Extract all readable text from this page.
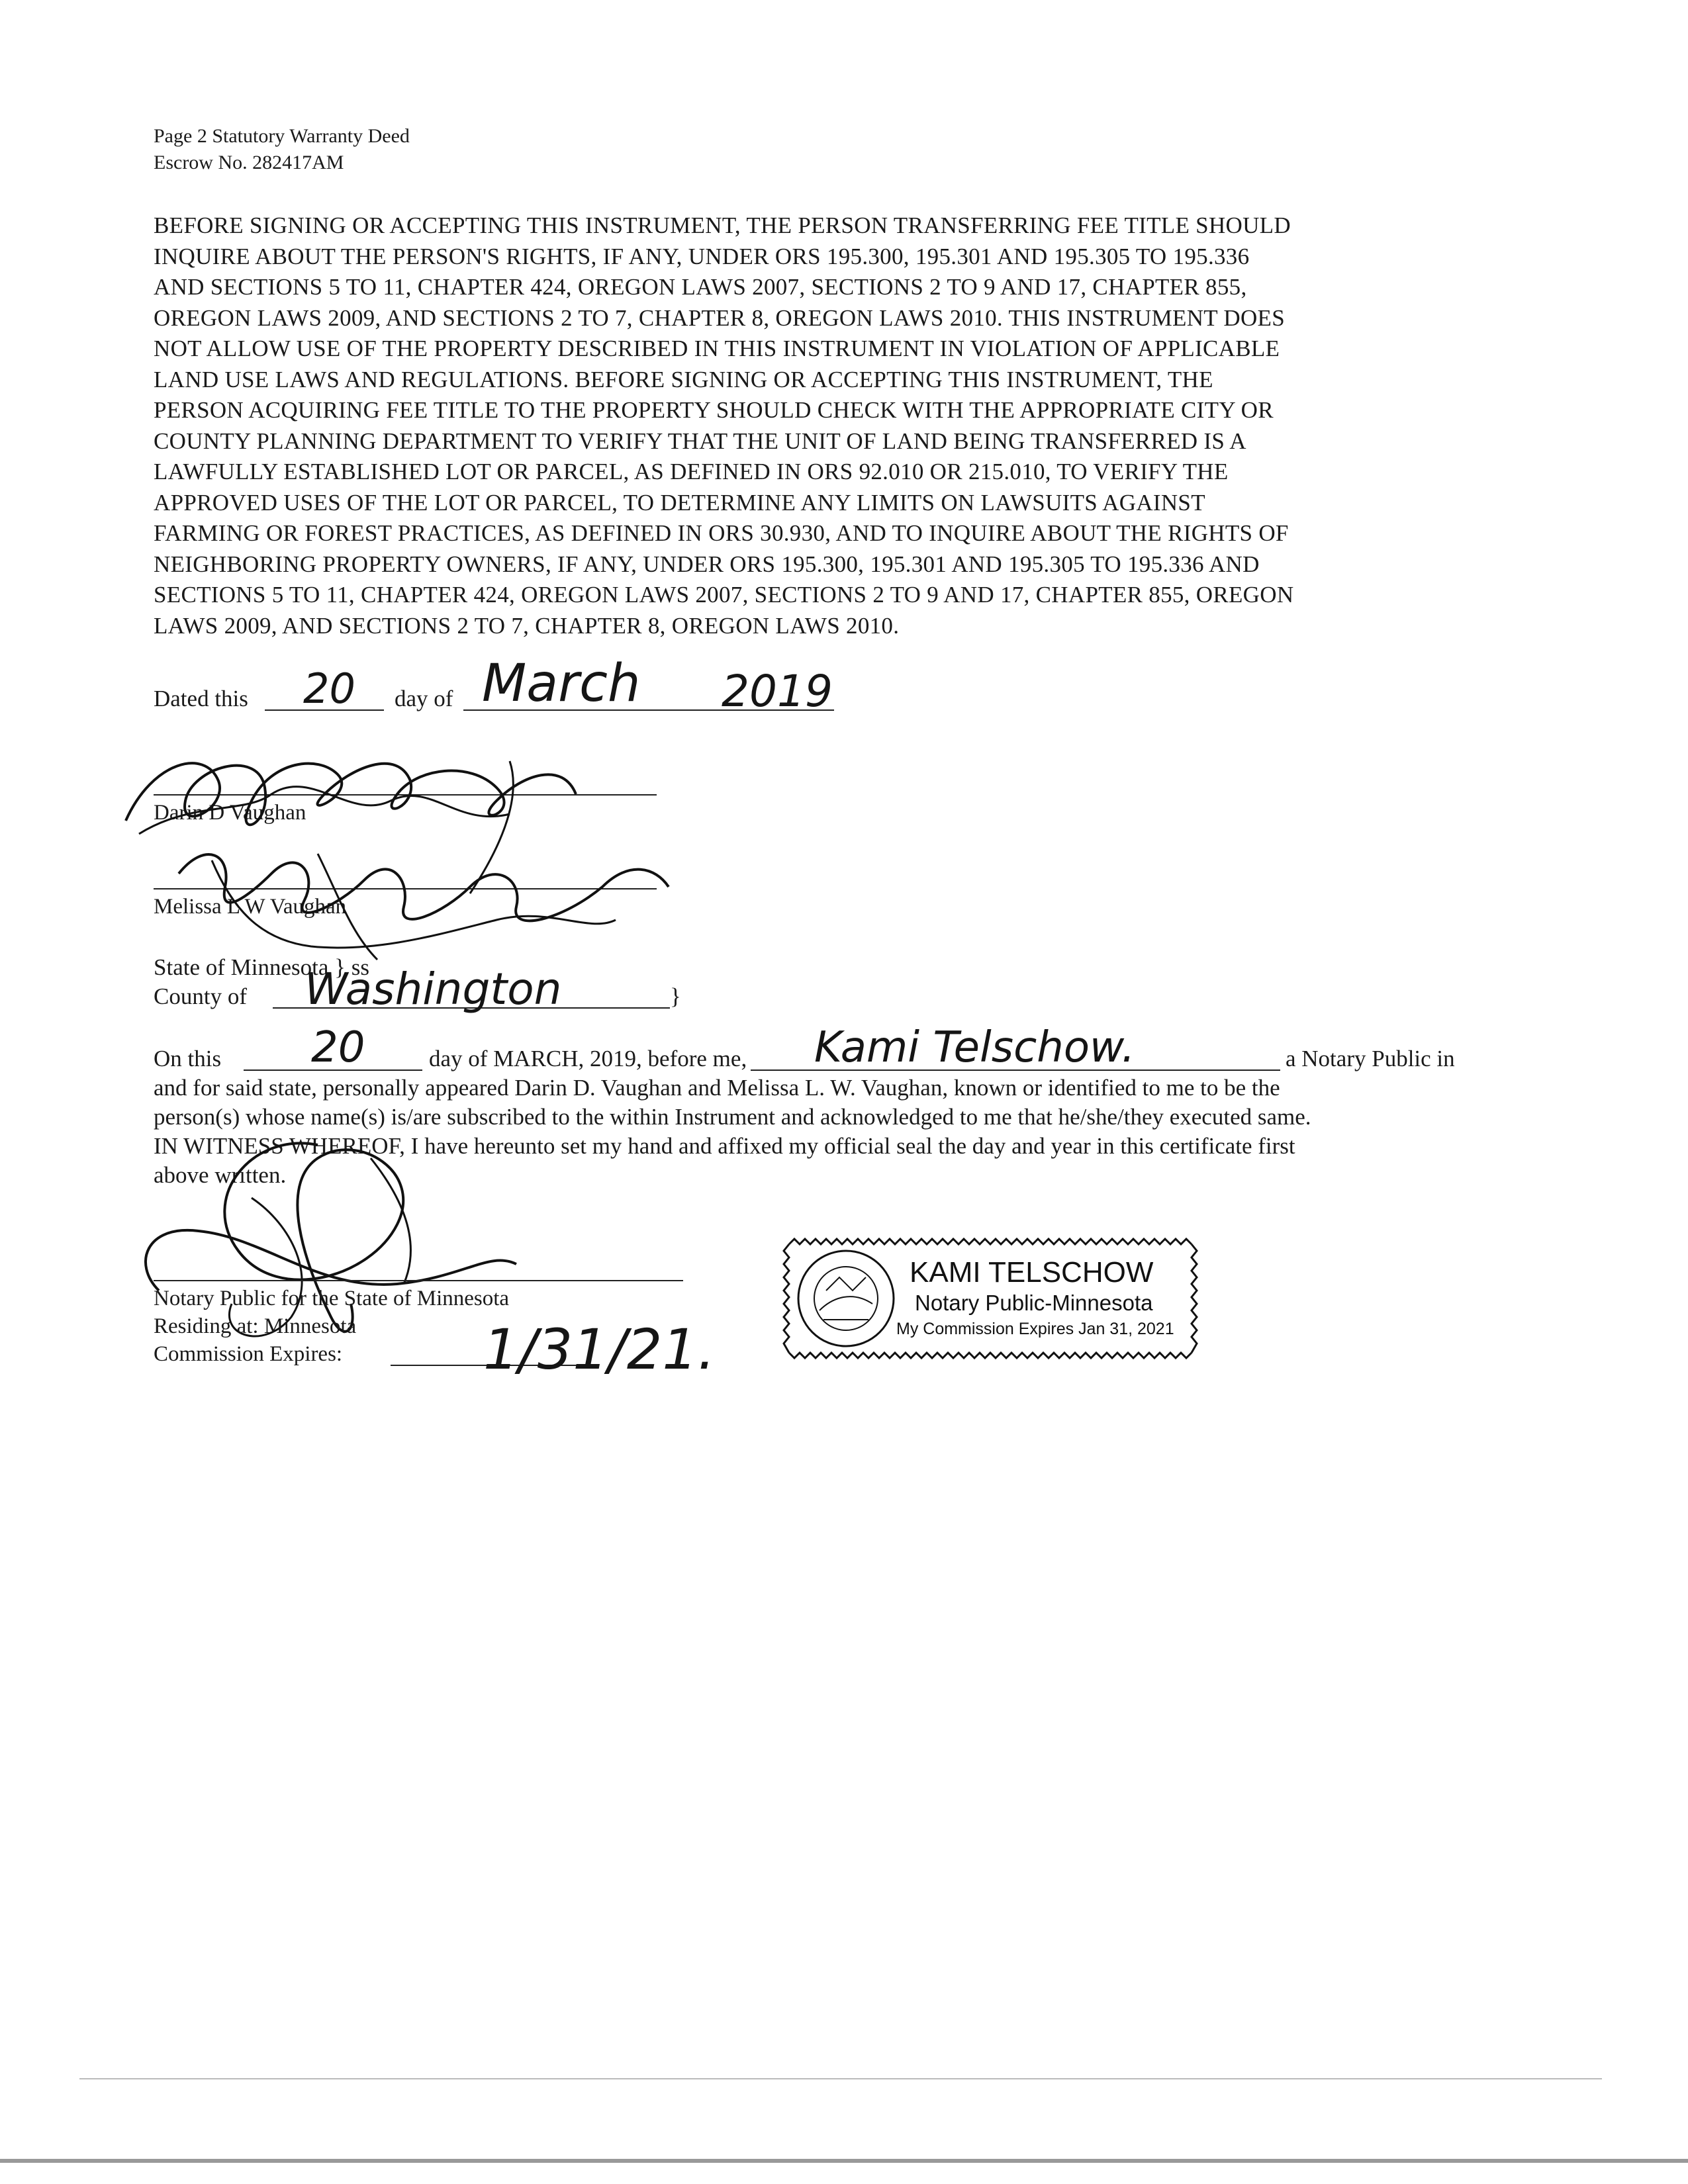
Page 2 Statutory Warranty Deed
Escrow No. 282417AM
BEFORE SIGNING OR ACCEPTING THIS INSTRUMENT, THE PERSON TRANSFERRING FEE TITLE SHOULD
INQUIRE ABOUT THE PERSON'S RIGHTS, IF ANY, UNDER ORS 195.300, 195.301 AND 195.305 TO 195.336
AND SECTIONS 5 TO 11, CHAPTER 424, OREGON LAWS 2007, SECTIONS 2 TO 9 AND 17, CHAPTER 855,
OREGON LAWS 2009, AND SECTIONS 2 TO 7, CHAPTER 8, OREGON LAWS 2010. THIS INSTRUMENT DOES
NOT ALLOW USE OF THE PROPERTY DESCRIBED IN THIS INSTRUMENT IN VIOLATION OF APPLICABLE
LAND USE LAWS AND REGULATIONS. BEFORE SIGNING OR ACCEPTING THIS INSTRUMENT, THE
PERSON ACQUIRING FEE TITLE TO THE PROPERTY SHOULD CHECK WITH THE APPROPRIATE CITY OR
COUNTY PLANNING DEPARTMENT TO VERIFY THAT THE UNIT OF LAND BEING TRANSFERRED IS A
LAWFULLY ESTABLISHED LOT OR PARCEL, AS DEFINED IN ORS 92.010 OR 215.010, TO VERIFY THE
APPROVED USES OF THE LOT OR PARCEL, TO DETERMINE ANY LIMITS ON LAWSUITS AGAINST
FARMING OR FOREST PRACTICES, AS DEFINED IN ORS 30.930, AND TO INQUIRE ABOUT THE RIGHTS OF
NEIGHBORING PROPERTY OWNERS, IF ANY, UNDER ORS 195.300, 195.301 AND 195.305 TO 195.336 AND
SECTIONS 5 TO 11, CHAPTER 424, OREGON LAWS 2007, SECTIONS 2 TO 9 AND 17, CHAPTER 855, OREGON
LAWS 2009, AND SECTIONS 2 TO 7, CHAPTER 8, OREGON LAWS 2010.
Dated this 20 day of March 2019
Darin D Vaughan
Melissa L W Vaughan
State of Minnesota } ss
County of Washington	}
On this 20	day of MARCH, 2019, before me, Kami Telschow.	a Notary Public in
and for said state, personally appeared Darin D. Vaughan and Melissa L. W. Vaughan, known or identified to me to be the
person(s) whose name(s) is/are subscribed to the within Instrument and acknowledged to me that he/she/they executed same.
IN WITNESS WHEREOF, I have hereunto set my hand and affixed my official seal the day and year in this certificate first
above written.
Notary Public for the State of Minnesota
Residing at: Minnesota
Commission Expires:	1/31/21.
KAMI TELSCHOW
Notary Public-Minnesota
My Commission Expires Jan 31, 2021
